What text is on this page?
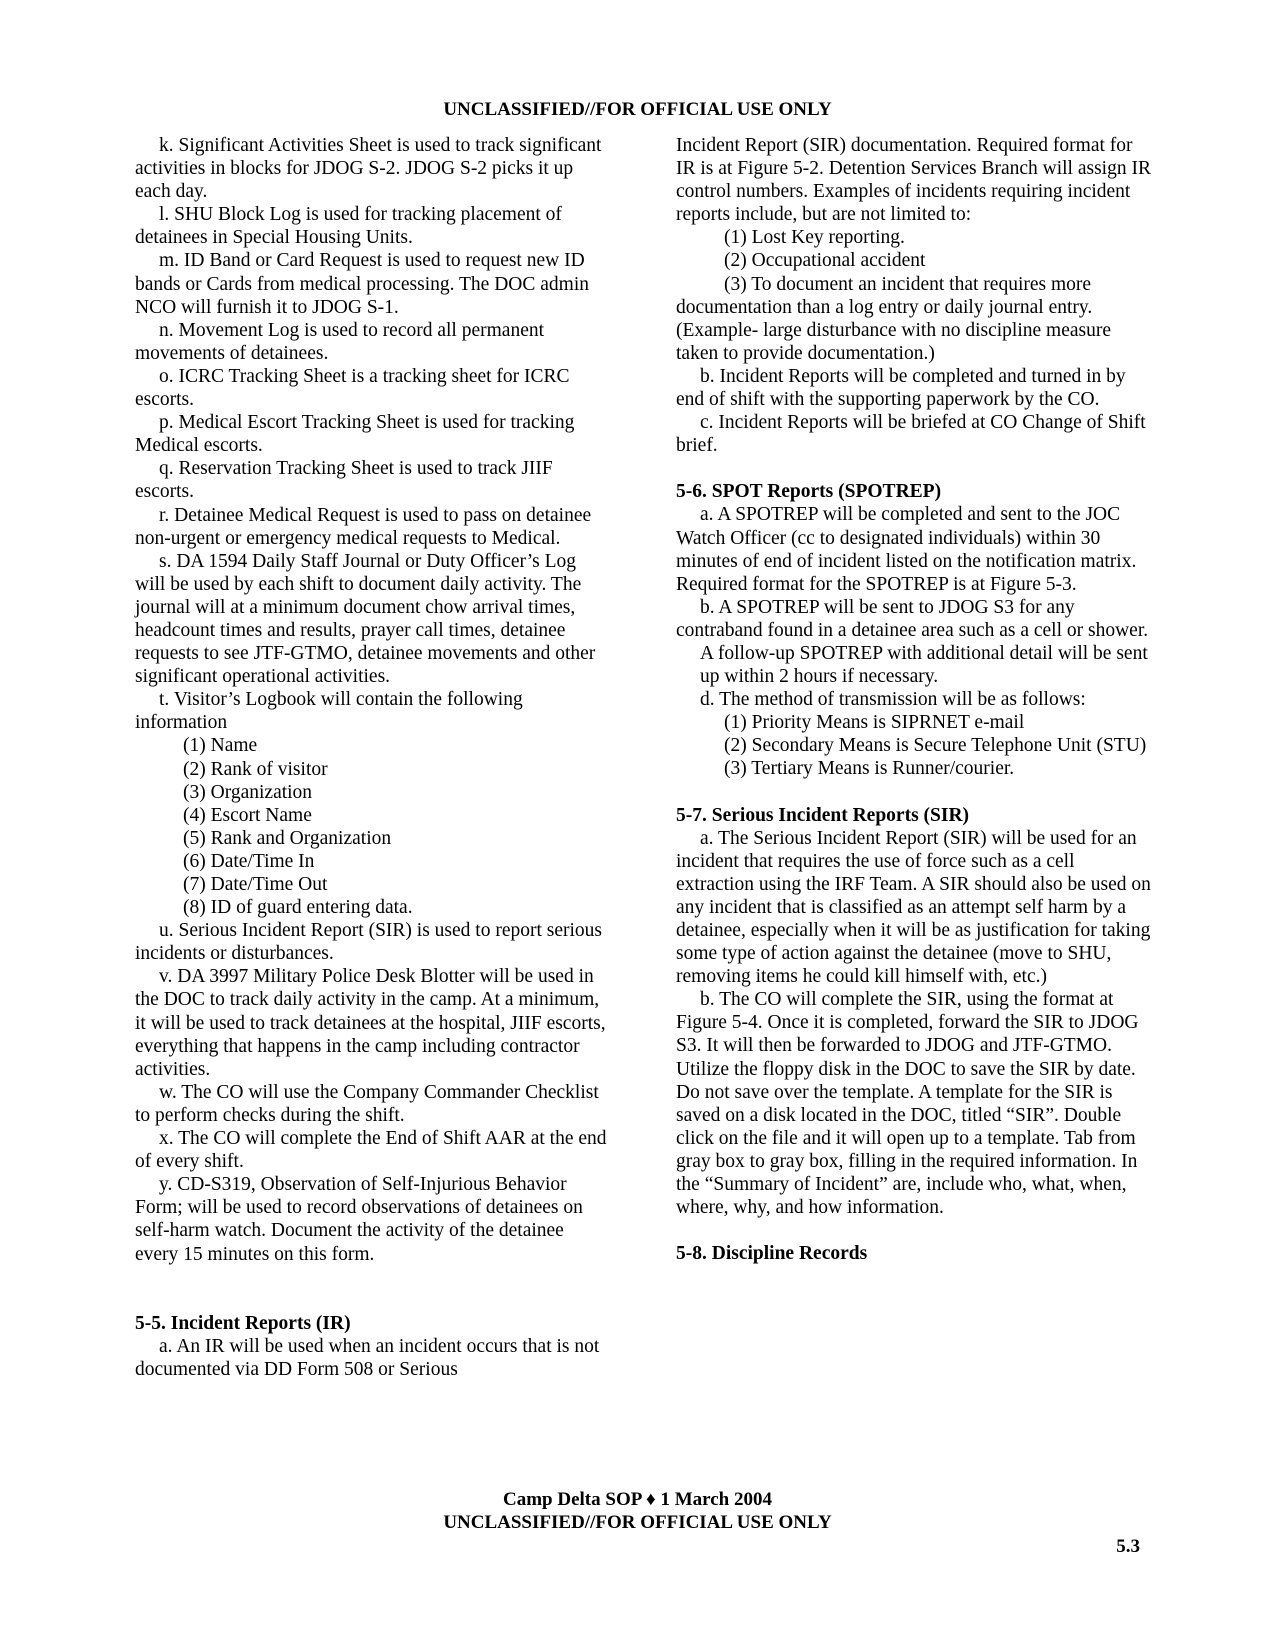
UNCLASSIFIED//FOR OFFICIAL USE ONLY

k. Significant Activities Sheet is used to track significant activities in blocks for JDOG S-2. JDOG S-2 picks it up each day.

l. SHU Block Log is used for tracking placement of detainees in Special Housing Units.

m. ID Band or Card Request is used to request new ID bands or Cards from medical processing. The DOC admin NCO will furnish it to JDOG S-1.

n. Movement Log is used to record all permanent movements of detainees.

o. ICRC Tracking Sheet is a tracking sheet for ICRC escorts.

p. Medical Escort Tracking Sheet is used for tracking Medical escorts.

q. Reservation Tracking Sheet is used to track JIIF escorts.

r. Detainee Medical Request is used to pass on detainee non-urgent or emergency medical requests to Medical.

s. DA 1594 Daily Staff Journal or Duty Officer’s Log will be used by each shift to document daily activity. The journal will at a minimum document chow arrival times, headcount times and results, prayer call times, detainee requests to see JTF-GTMO, detainee movements and other significant operational activities.

t. Visitor’s Logbook will contain the following information

(1) Name

(2) Rank of visitor

(3) Organization

(4) Escort Name

(5) Rank and Organization

(6) Date/Time In

(7) Date/Time Out

(8) ID of guard entering data.

u. Serious Incident Report (SIR) is used to report serious incidents or disturbances.

v. DA 3997 Military Police Desk Blotter will be used in the DOC to track daily activity in the camp. At a minimum, it will be used to track detainees at the hospital, JIIF escorts, everything that happens in the camp including contractor activities.

w. The CO will use the Company Commander Checklist to perform checks during the shift.

x. The CO will complete the End of Shift AAR at the end of every shift.

y. CD-S319, Observation of Self-Injurious Behavior Form; will be used to record observations of detainees on self-harm watch. Document the activity of the detainee every 15 minutes on this form.

5-5. Incident Reports (IR)

a. An IR will be used when an incident occurs that is not documented via DD Form 508 or Serious

Incident Report (SIR) documentation. Required format for IR is at Figure 5-2. Detention Services Branch will assign IR control numbers. Examples of incidents requiring incident reports include, but are not limited to:

(1) Lost Key reporting.

(2) Occupational accident

(3) To document an incident that requires more documentation than a log entry or daily journal entry. (Example- large disturbance with no discipline measure taken to provide documentation.)

b. Incident Reports will be completed and turned in by end of shift with the supporting paperwork by the CO.

c. Incident Reports will be briefed at CO Change of Shift brief.

5-6. SPOT Reports (SPOTREP)

a. A SPOTREP will be completed and sent to the JOC Watch Officer (cc to designated individuals) within 30 minutes of end of incident listed on the notification matrix. Required format for the SPOTREP is at Figure 5-3.

b. A SPOTREP will be sent to JDOG S3 for any contraband found in a detainee area such as a cell or shower.

A follow-up SPOTREP with additional detail will be sent up within 2 hours if necessary.

d. The method of transmission will be as follows:

(1) Priority Means is SIPRNET e-mail

(2) Secondary Means is Secure Telephone Unit (STU)

(3) Tertiary Means is Runner/courier.

5-7. Serious Incident Reports (SIR)

a. The Serious Incident Report (SIR) will be used for an incident that requires the use of force such as a cell extraction using the IRF Team. A SIR should also be used on any incident that is classified as an attempt self harm by a detainee, especially when it will be as justification for taking some type of action against the detainee (move to SHU, removing items he could kill himself with, etc.)

b. The CO will complete the SIR, using the format at Figure 5-4. Once it is completed, forward the SIR to JDOG S3. It will then be forwarded to JDOG and JTF-GTMO. Utilize the floppy disk in the DOC to save the SIR by date. Do not save over the template. A template for the SIR is saved on a disk located in the DOC, titled “SIR”. Double click on the file and it will open up to a template. Tab from gray box to gray box, filling in the required information. In the “Summary of Incident” are, include who, what, when, where, why, and how information.

5-8. Discipline Records

Camp Delta SOP ♦ 1 March 2004
UNCLASSIFIED//FOR OFFICIAL USE ONLY
5.3
